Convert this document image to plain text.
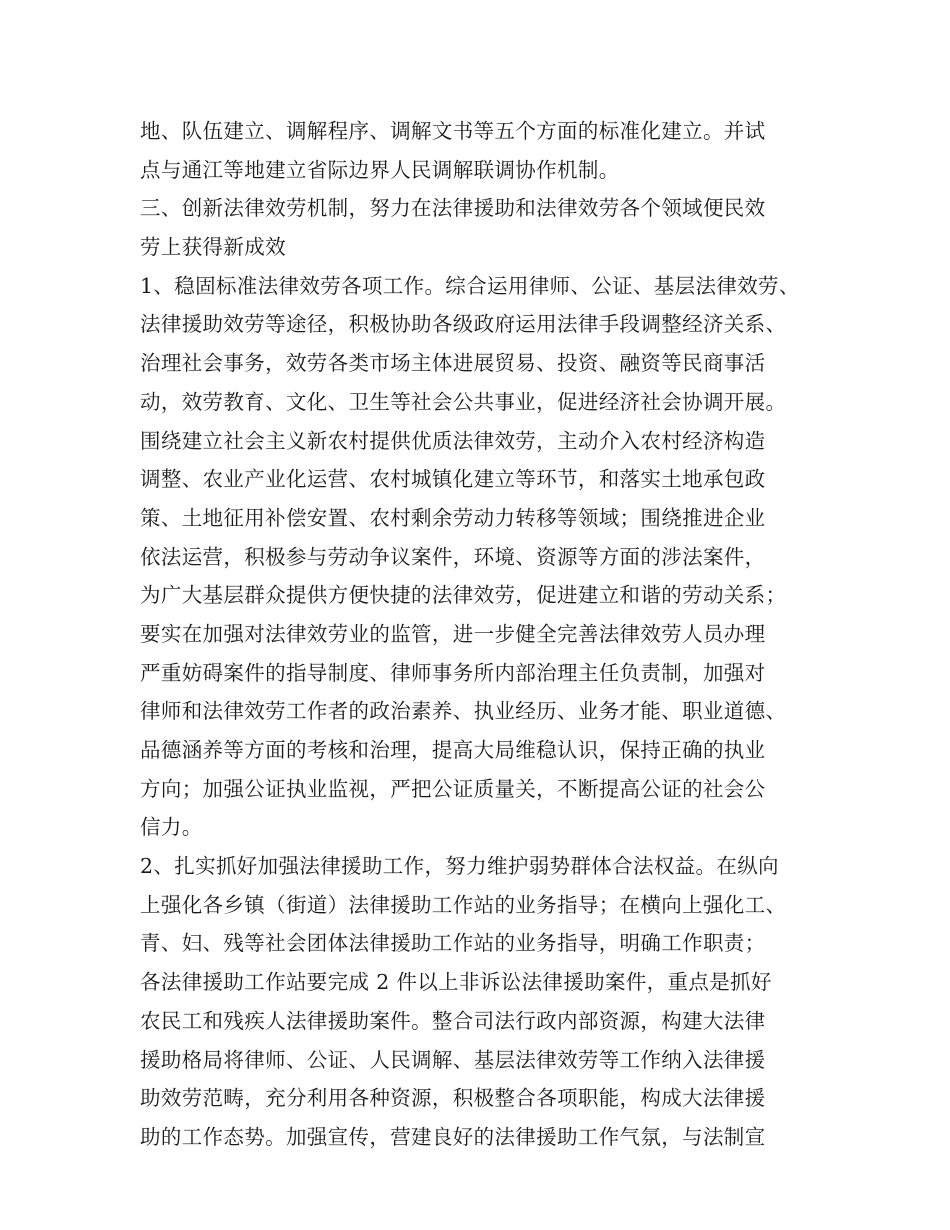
地、队伍建立、调解程序、调解文书等五个方面的标准化建立。并试
点与通江等地建立省际边界人民调解联调协作机制。
三、创新法律效劳机制，努力在法律援助和法律效劳各个领域便民效
劳上获得新成效
1、稳固标准法律效劳各项工作。综合运用律师、公证、基层法律效劳、
法律援助效劳等途径，积极协助各级政府运用法律手段调整经济关系、
治理社会事务，效劳各类市场主体进展贸易、投资、融资等民商事活
动，效劳教育、文化、卫生等社会公共事业，促进经济社会协调开展。
围绕建立社会主义新农村提供优质法律效劳，主动介入农村经济构造
调整、农业产业化运营、农村城镇化建立等环节，和落实土地承包政
策、土地征用补偿安置、农村剩余劳动力转移等领域；围绕推进企业
依法运营，积极参与劳动争议案件，环境、资源等方面的涉法案件，
为广大基层群众提供方便快捷的法律效劳，促进建立和谐的劳动关系；
要实在加强对法律效劳业的监管，进一步健全完善法律效劳人员办理
严重妨碍案件的指导制度、律师事务所内部治理主任负责制，加强对
律师和法律效劳工作者的政治素养、执业经历、业务才能、职业道德、
品德涵养等方面的考核和治理，提高大局维稳认识，保持正确的执业
方向；加强公证执业监视，严把公证质量关，不断提高公证的社会公
信力。
2、扎实抓好加强法律援助工作，努力维护弱势群体合法权益。在纵向
上强化各乡镇（街道）法律援助工作站的业务指导；在横向上强化工、
青、妇、残等社会团体法律援助工作站的业务指导，明确工作职责；
各法律援助工作站要完成 2 件以上非诉讼法律援助案件，重点是抓好
农民工和残疾人法律援助案件。整合司法行政内部资源，构建大法律
援助格局将律师、公证、人民调解、基层法律效劳等工作纳入法律援
助效劳范畴，充分利用各种资源，积极整合各项职能，构成大法律援
助的工作态势。加强宣传，营建良好的法律援助工作气氛，与法制宣
